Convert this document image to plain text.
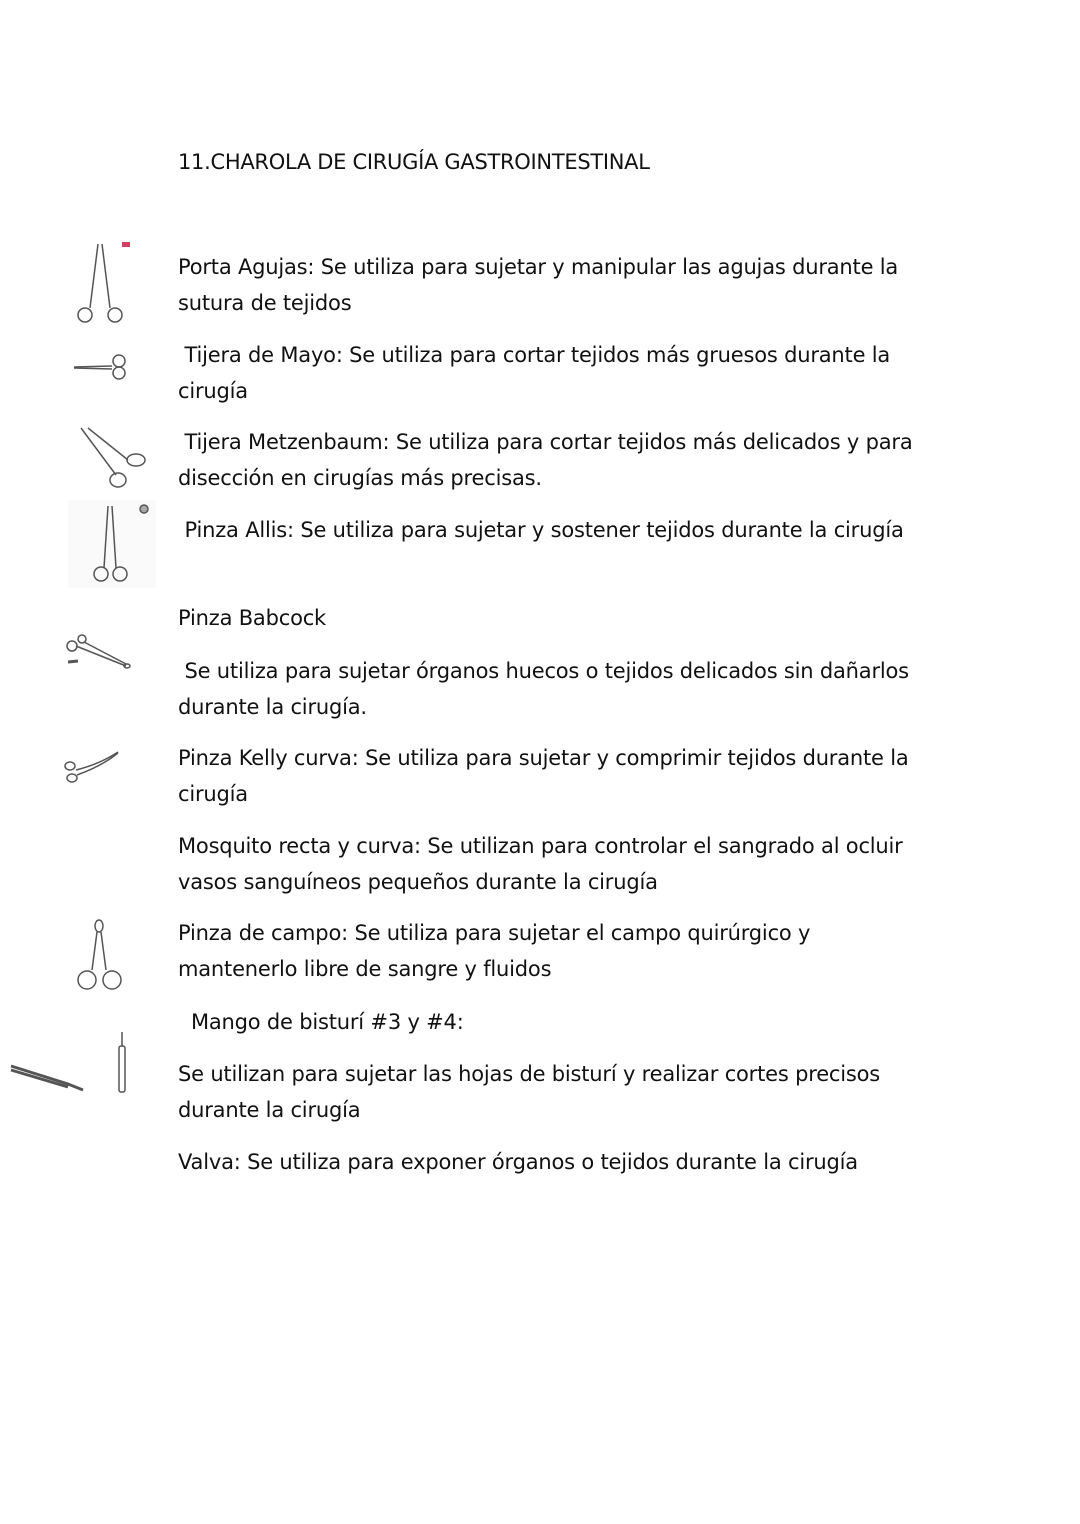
11.CHAROLA DE CIRUGÍA GASTROINTESTINAL
Porta Agujas: Se utiliza para sujetar y manipular las agujas durante la sutura de tejidos
Tijera de Mayo: Se utiliza para cortar tejidos más gruesos durante la cirugía
Tijera Metzenbaum: Se utiliza para cortar tejidos más delicados y para disección en cirugías más precisas.
Pinza Allis: Se utiliza para sujetar y sostener tejidos durante la cirugía
Pinza Babcock
Se utiliza para sujetar órganos huecos o tejidos delicados sin dañarlos durante la cirugía.
Pinza Kelly curva: Se utiliza para sujetar y comprimir tejidos durante la cirugía
Mosquito recta y curva: Se utilizan para controlar el sangrado al ocluir vasos sanguíneos pequeños durante la cirugía
Pinza de campo: Se utiliza para sujetar el campo quirúrgico y mantenerlo libre de sangre y fluidos
Mango de bisturí #3 y #4:
Se utilizan para sujetar las hojas de bisturí y realizar cortes precisos durante la cirugía
Valva: Se utiliza para exponer órganos o tejidos durante la cirugía
